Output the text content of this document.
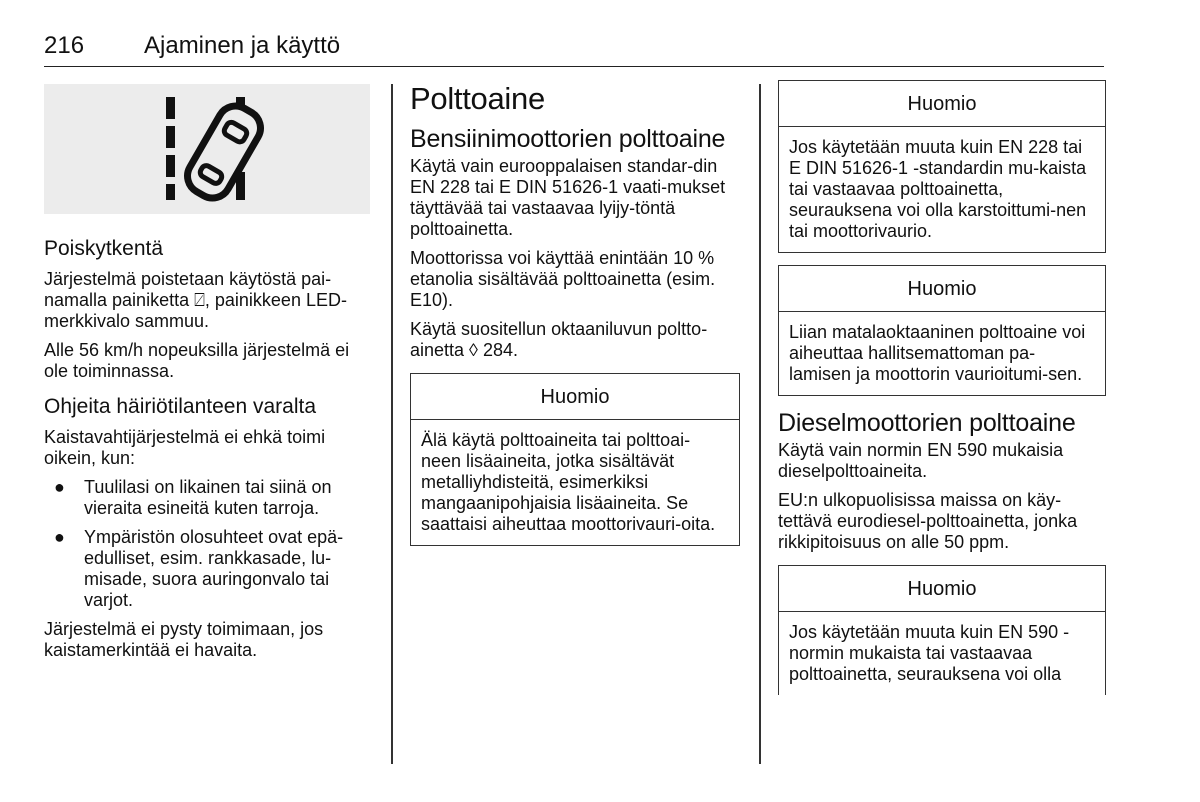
216 Ajaminen ja käyttö
Poiskytkentä

Järjestelmä poistetaan käytöstä pai-namalla painiketta ⍁, painikkeen LED-merkkivalo sammuu.

Alle 56 km/h nopeuksilla järjestelmä ei ole toiminnassa.

Ohjeita häiriötilanteen varalta

Kaistavahtijärjestelmä ei ehkä toimi oikein, kun:

● Tuulilasi on likainen tai siinä on vieraita esineitä kuten tarroja.
● Ympäristön olosuhteet ovat epä-edulliset, esim. rankkasade, lu-misade, suora auringonvalo tai varjot.

Järjestelmä ei pysty toimimaan, jos kaistamerkintää ei havaita.

Polttoaine
Bensiinimoottorien polttoaine

Käytä vain eurooppalaisen standar-din EN 228 tai E DIN 51626-1 vaati-mukset täyttävää tai vastaavaa lyijy-töntä polttoainetta.

Moottorissa voi käyttää enintään 10 % etanolia sisältävää polttoainetta (esim. E10).

Käytä suositellun oktaaniluvun poltto-ainetta ◊ 284.

Huomio
Älä käytä polttoaineita tai polttoai-neen lisäaineita, jotka sisältävät metalliyhdisteitä, esimerkiksi mangaanipohjaisia lisäaineita. Se saattaisi aiheuttaa moottorivauri-oita.
Huomio
Jos käytetään muuta kuin EN 228 tai E DIN 51626-1 -standardin mu-kaista tai vastaavaa polttoainetta, seurauksena voi olla karstoittumi-nen tai moottorivaurio.
Huomio
Liian matalaoktaaninen polttoaine voi aiheuttaa hallitsemattoman pa-lamisen ja moottorin vaurioitumi-sen.
Dieselmoottorien polttoaine

Käytä vain normin EN 590 mukaisia dieselpolttoaineita.

EU:n ulkopuolisissa maissa on käy-tettävä eurodiesel-polttoainetta, jonka rikkipitoisuus on alle 50 ppm.

Huomio
Jos käytetään muuta kuin EN 590 -normin mukaista tai vastaavaa polttoainetta, seurauksena voi olla
